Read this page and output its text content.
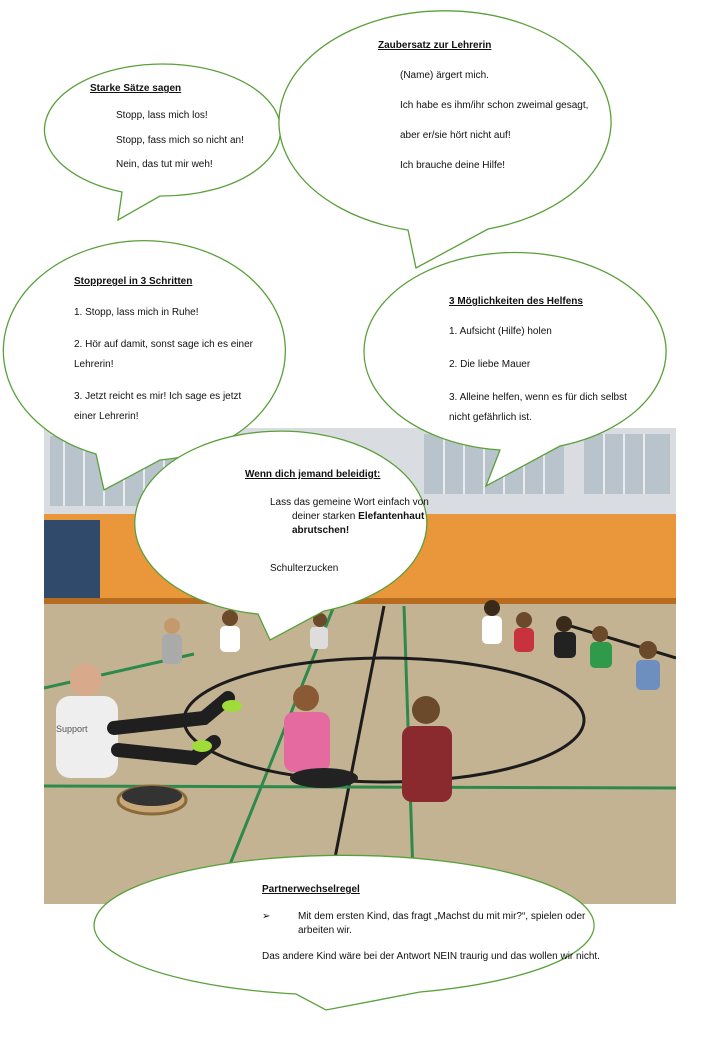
Support
Starke Sätze sagen
Stopp, lass mich los!
Stopp, fass mich so nicht an!
Nein, das tut mir weh!
Zaubersatz zur Lehrerin
(Name) ärgert mich.
Ich habe es ihm/ihr schon zweimal gesagt,
aber er/sie hört nicht auf!
Ich brauche deine Hilfe!
Stoppregel in 3 Schritten
1. Stopp, lass mich in Ruhe!
2. Hör auf damit, sonst sage ich es einer
Lehrerin!
3. Jetzt reicht es mir! Ich sage es jetzt
einer Lehrerin!
3 Möglichkeiten des Helfens
1. Aufsicht (Hilfe) holen
2. Die liebe Mauer
3. Alleine helfen, wenn es für dich selbst
nicht gefährlich ist.
Wenn dich jemand beleidigt:
Lass das gemeine Wort einfach von
deiner starken Elefantenhaut
abrutschen!
Schulterzucken
Partnerwechselregel
➢	Mit dem ersten Kind, das fragt „Machst du mit mir?“, spielen oder
arbeiten wir.
Das andere Kind wäre bei der Antwort NEIN traurig und das wollen wir nicht.
